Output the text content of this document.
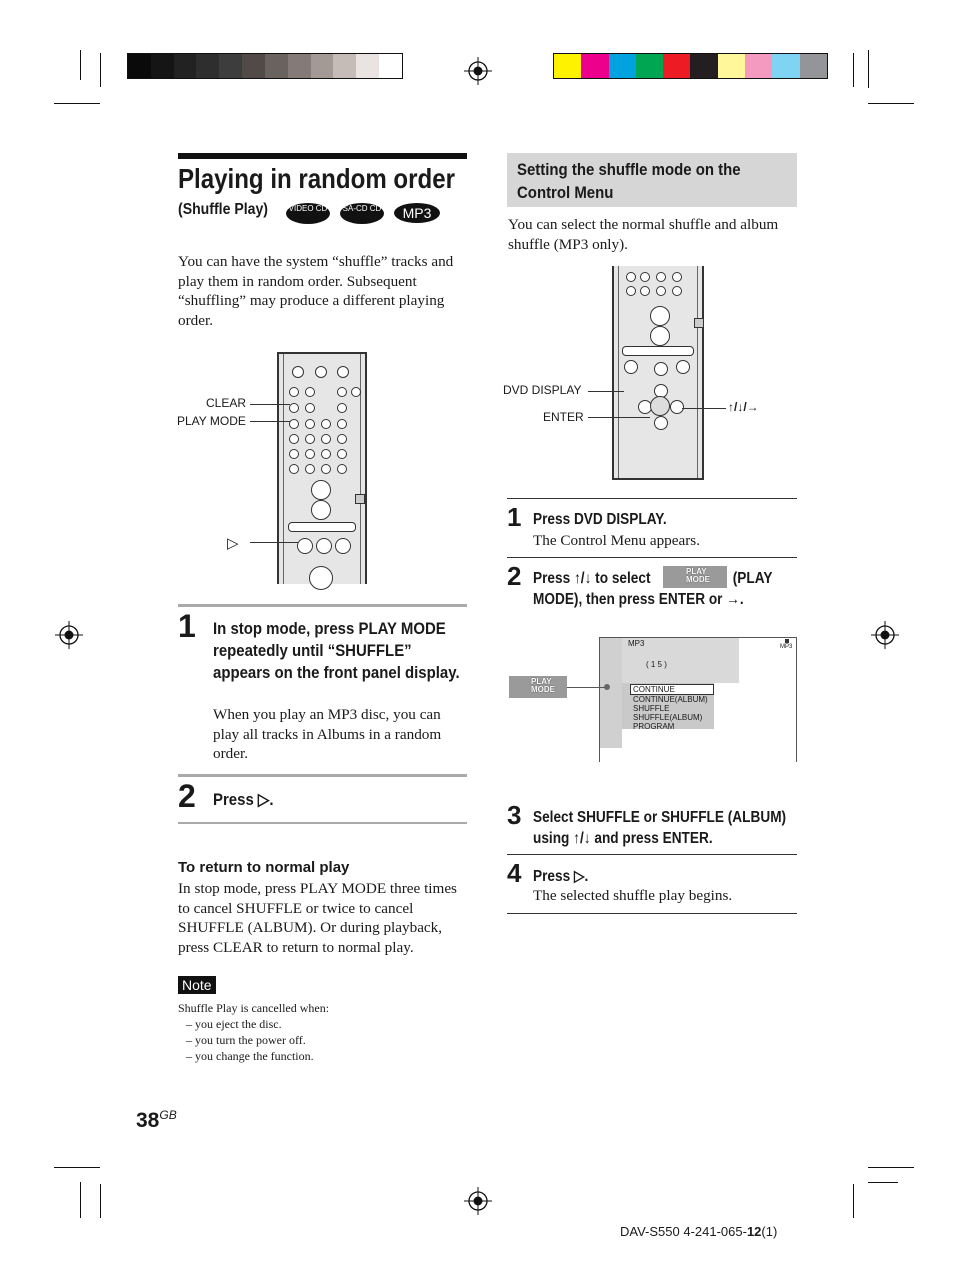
Playing in random order
(Shuffle Play)	VIDEO CD	SA-CD CD	MP3
You can have the system “shuffle” tracks and play them in random order. Subsequent “shuffling” may produce a different playing order.
CLEAR
PLAY MODE
▷
1 In stop mode, press PLAY MODE repeatedly until “SHUFFLE” appears on the front panel display.
When you play an MP3 disc, you can play all tracks in Albums in a random order.
2 Press ▷.
To return to normal play
In stop mode, press PLAY MODE three times to cancel SHUFFLE or twice to cancel SHUFFLE (ALBUM). Or during playback, press CLEAR to return to normal play.
Note
Shuffle Play is cancelled when:
– you eject the disc.
– you turn the power off.
– you change the function.
$38^{GB}$
DAV-S550 4-241-065-12(1)
Setting the shuffle mode on the Control Menu
You can select the normal shuffle and album shuffle (MP3 only).
DVD DISPLAY
ENTER
↑/↓/→
1 Press DVD DISPLAY.
The Control Menu appears.
2 Press ↑/↓ to select	PLAY MODE	(PLAY MODE), then press ENTER or →.
MP3	MP3
( 1 5 )
CONTINUE
CONTINUE(ALBUM)
SHUFFLE
SHUFFLE(ALBUM)
PROGRAM
PLAY MODE
3 Select SHUFFLE or SHUFFLE (ALBUM) using ↑/↓ and press ENTER.
4 Press ▷.
The selected shuffle play begins.
